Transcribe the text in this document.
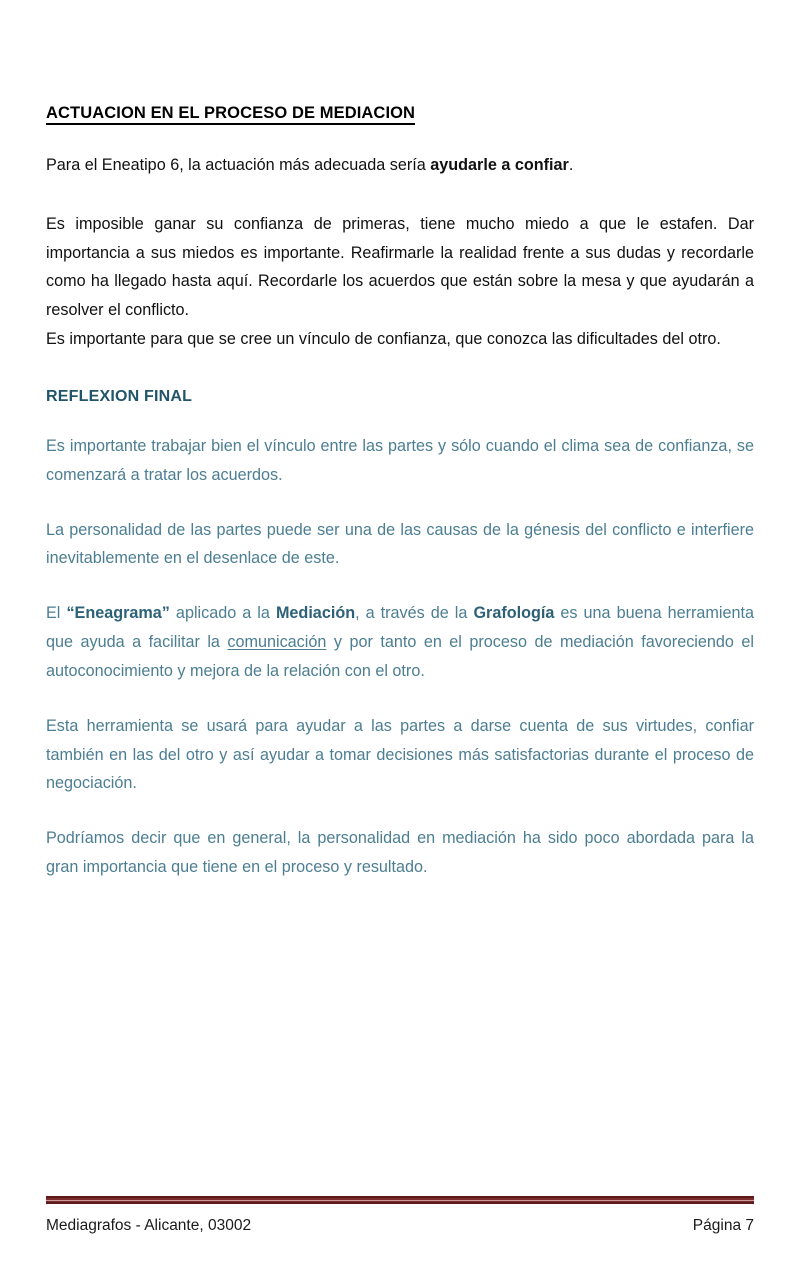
ACTUACION EN EL PROCESO DE MEDIACION

Para el Eneatipo 6, la actuación más adecuada sería ayudarle a confiar.

Es imposible ganar su confianza de primeras, tiene mucho miedo a que le estafen. Dar importancia a sus miedos es importante. Reafirmarle la realidad frente a sus dudas y recordarle como ha llegado hasta aquí. Recordarle los acuerdos que están sobre la mesa y que ayudarán a resolver el conflicto.

Es importante para que se cree un vínculo de confianza, que conozca las dificultades del otro.

REFLEXION FINAL

Es importante trabajar bien el vínculo entre las partes y sólo cuando el clima sea de confianza, se comenzará a tratar los acuerdos.

La personalidad de las partes puede ser una de las causas de la génesis del conflicto e interfiere inevitablemente en el desenlace de este.

El “Eneagrama” aplicado a la Mediación, a través de la Grafología es una buena herramienta que ayuda a facilitar la comunicación y por tanto en el proceso de mediación favoreciendo el autoconocimiento y mejora de la relación con el otro.

Esta herramienta se usará para ayudar a las partes a darse cuenta de sus virtudes, confiar también en las del otro y así ayudar a tomar decisiones más satisfactorias durante el proceso de negociación.

Podríamos decir que en general, la personalidad en mediación ha sido poco abordada para la gran importancia que tiene en el proceso y resultado.

Mediagrafos - Alicante, 03002	Página 7
